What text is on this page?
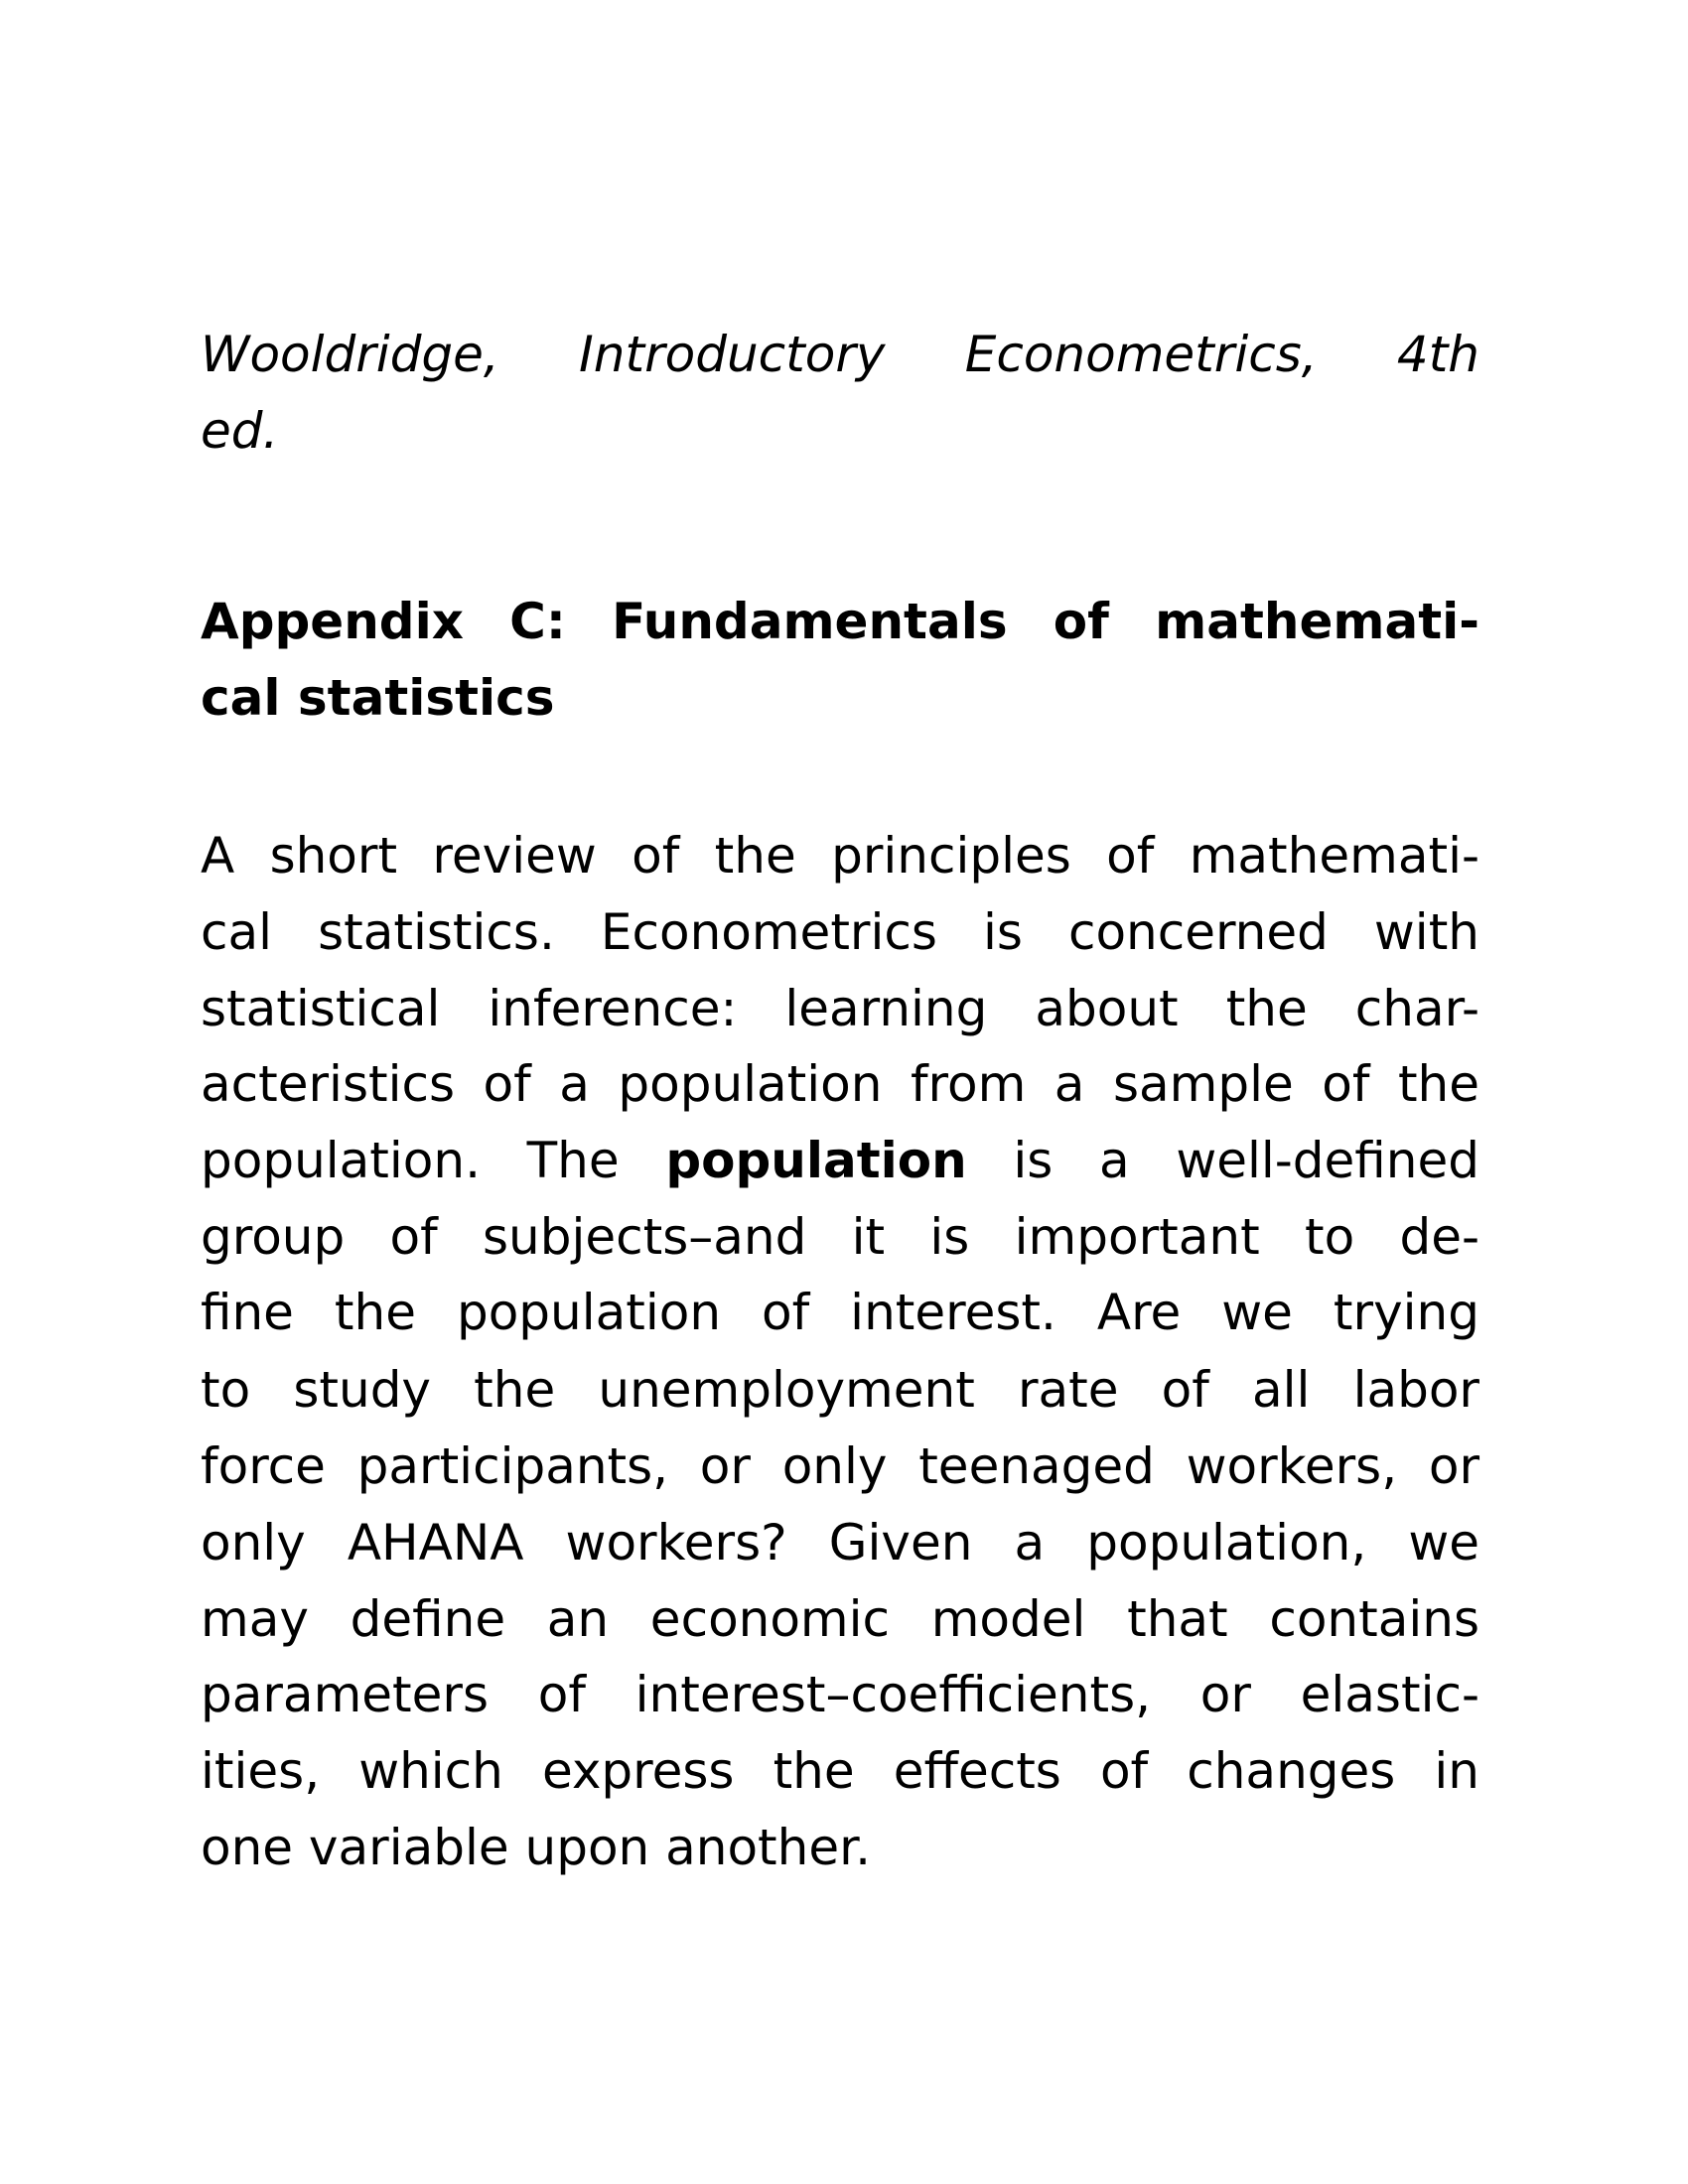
Wooldridge, Introductory Econometrics, 4th
ed.
Appendix C: Fundamentals of mathemati-
cal statistics
A short review of the principles of mathemati-
cal statistics. Econometrics is concerned with
statistical inference: learning about the char-
acteristics of a population from a sample of the
population. The population is a well-defined
group of subjects–and it is important to de-
fine the population of interest. Are we trying
to study the unemployment rate of all labor
force participants, or only teenaged workers, or
only AHANA workers? Given a population, we
may define an economic model that contains
parameters of interest–coefficients, or elastic-
ities, which express the effects of changes in
one variable upon another.
